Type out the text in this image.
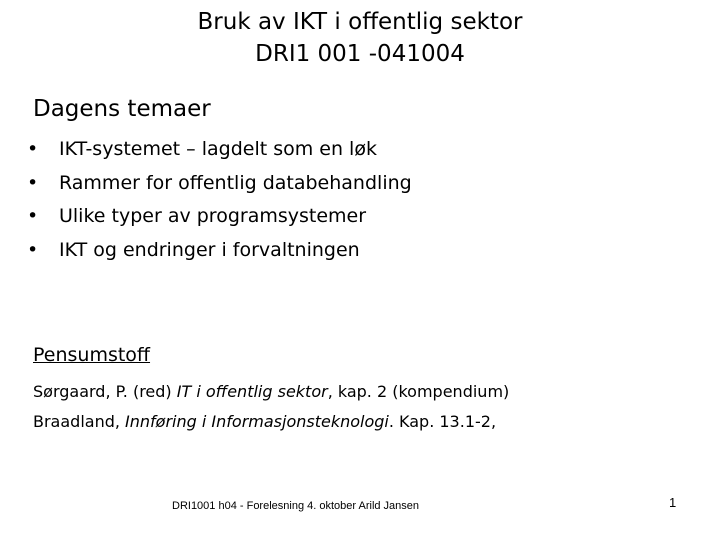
Bruk av IKT i offentlig sektor
DRI1 001 -041004
Dagens temaer
•	IKT-systemet – lagdelt som en løk
•	Rammer for offentlig databehandling
•	Ulike typer av programsystemer
•	IKT og endringer i forvaltningen
Pensumstoff
Sørgaard, P. (red) IT i offentlig sektor, kap. 2 (kompendium)
Braadland, Innføring i Informasjonsteknologi. Kap. 13.1-2,
DRI1001 h04 - Forelesning 4. oktober Arild Jansen	1
